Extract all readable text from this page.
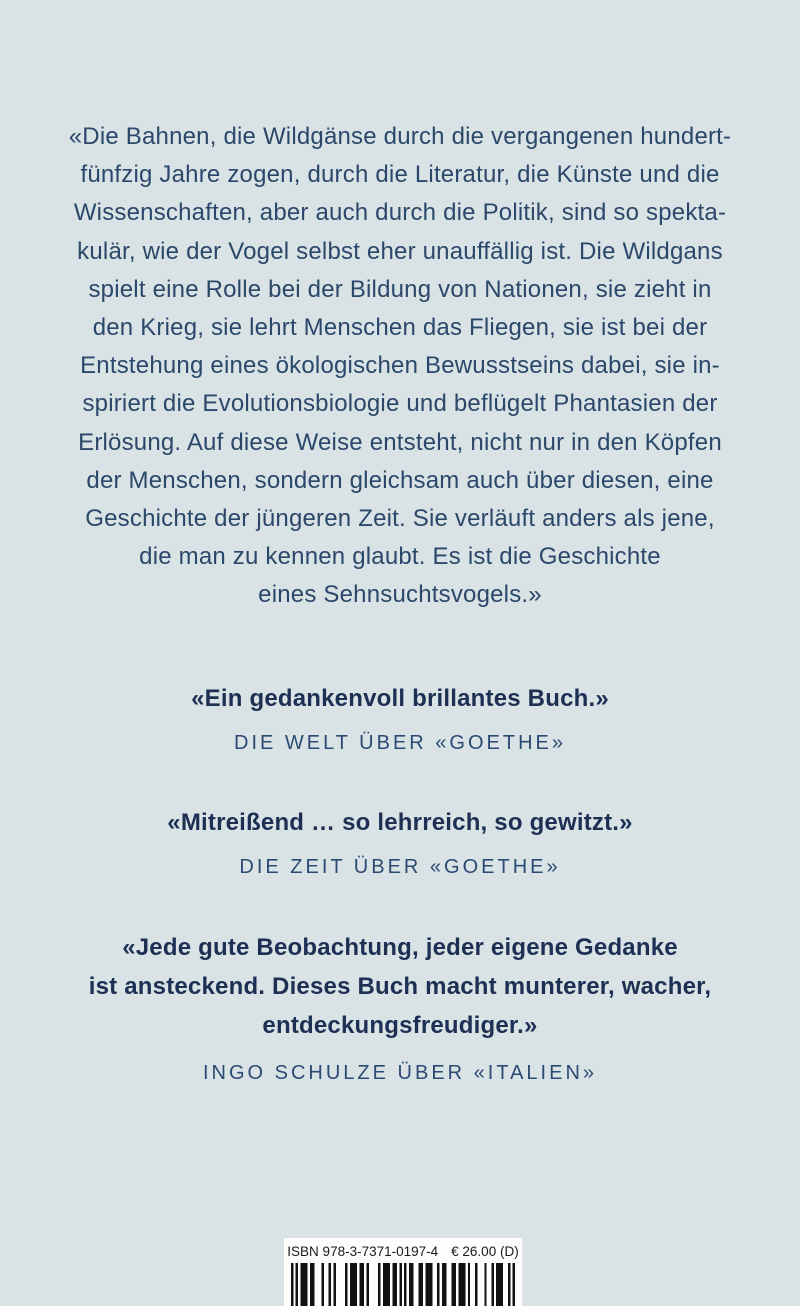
«Die Bahnen, die Wildgänse durch die vergangenen hundert-
fünfzig Jahre zogen, durch die Literatur, die Künste und die
Wissenschaften, aber auch durch die Politik, sind so spekta-
kulär, wie der Vogel selbst eher unauffällig ist. Die Wildgans
spielt eine Rolle bei der Bildung von Nationen, sie zieht in
den Krieg, sie lehrt Menschen das Fliegen, sie ist bei der
Entstehung eines ökologischen Bewusstseins dabei, sie in-
spiriert die Evolutionsbiologie und beflügelt Phantasien der
Erlösung. Auf diese Weise entsteht, nicht nur in den Köpfen
der Menschen, sondern gleichsam auch über diesen, eine
Geschichte der jüngeren Zeit. Sie verläuft anders als jene,
die man zu kennen glaubt. Es ist die Geschichte
eines Sehnsuchtsvogels.»
«Ein gedankenvoll brillantes Buch.»
DIE WELT ÜBER «GOETHE»
«Mitreißend … so lehrreich, so gewitzt.»
DIE ZEIT ÜBER «GOETHE»
«Jede gute Beobachtung, jeder eigene Gedanke
ist ansteckend. Dieses Buch macht munterer, wacher,
entdeckungsfreudiger.»
INGO SCHULZE ÜBER «ITALIEN»
ISBN 978-3-7371-0197-4 € 26.00 (D)
